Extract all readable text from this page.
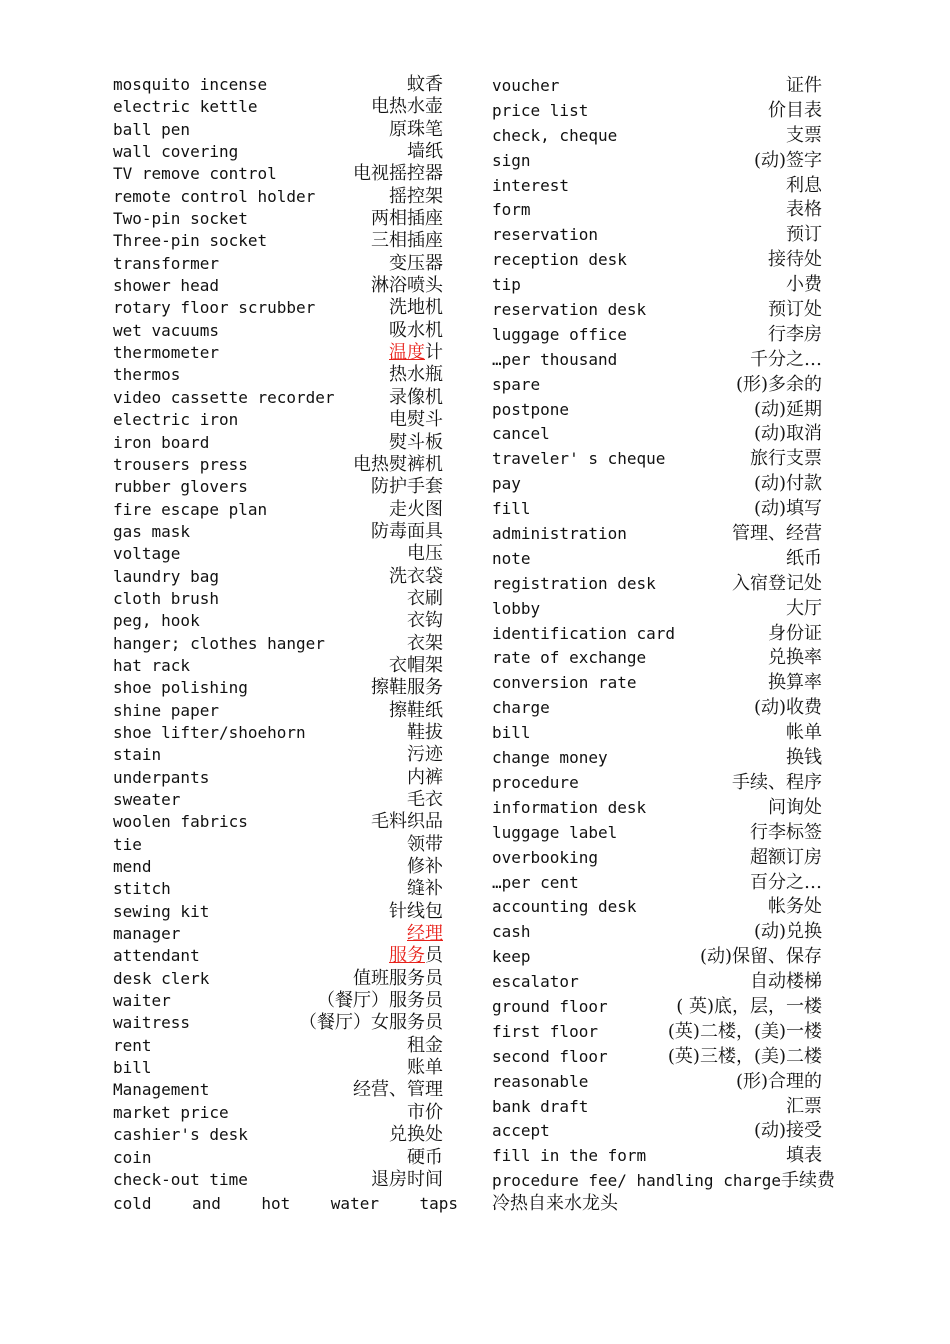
mosquito incense	蚊香
electric kettle	电热水壶
ball pen	原珠笔
wall covering	墙纸
TV remove control	电视摇控器
remote control holder	摇控架
Two-pin socket	两相插座
Three-pin socket	三相插座
transformer	变压器
shower head	淋浴喷头
rotary floor scrubber	洗地机
wet vacuums	吸水机
thermometer	温度计
thermos	热水瓶
video cassette recorder	录像机
electric iron	电熨斗
iron board	熨斗板
trousers press	电热熨裤机
rubber glovers	防护手套
fire escape plan	走火图
gas mask	防毒面具
voltage	电压
laundry bag	洗衣袋
cloth brush	衣刷
peg, hook	衣钩
hanger; clothes hanger	衣架
hat rack	衣帽架
shoe polishing	擦鞋服务
shine paper	擦鞋纸
shoe lifter/shoehorn	鞋拔
stain	污迹
underpants	内裤
sweater	毛衣
woolen fabrics	毛料织品
tie	领带
mend	修补
stitch	缝补
sewing kit	针线包
manager	经理
attendant	服务员
desk clerk	值班服务员
waiter	（餐厅）服务员
waitress	（餐厅）女服务员
rent	租金
bill	账单
Management	经营、管理
market price	市价
cashier's desk	兑换处
coin	硬币
check-out time	退房时间
voucher	证件
price list	价目表
check, cheque	支票
sign	(动)签字
interest	利息
form	表格
reservation	预订
reception desk	接待处
tip	小费
reservation desk	预订处
luggage office	行李房
…per thousand	千分之…
spare	(形)多余的
postpone	(动)延期
cancel	(动)取消
traveler' s cheque	旅行支票
pay	(动)付款
fill	(动)填写
administration	管理、经营
note	纸币
registration desk	入宿登记处
lobby	大厅
identification card	身份证
rate of exchange	兑换率
conversion rate	换算率
charge	(动)收费
bill	帐单
change money	换钱
procedure	手续、程序
information desk	问询处
luggage label	行李标签
overbooking	超额订房
…per cent	百分之…
accounting desk	帐务处
cash	(动)兑换
keep	(动)保留、保存
escalator	自动楼梯
ground floor	( 英)底，层，一楼
first floor	(英)二楼，(美)一楼
second floor	(英)三楼，(美)二楼
reasonable	(形)合理的
bank draft	汇票
accept	(动)接受
fill in the form	填表
procedure fee/ handling charge 手续费
cold	and	hot	water	taps 冷热自来水龙头
